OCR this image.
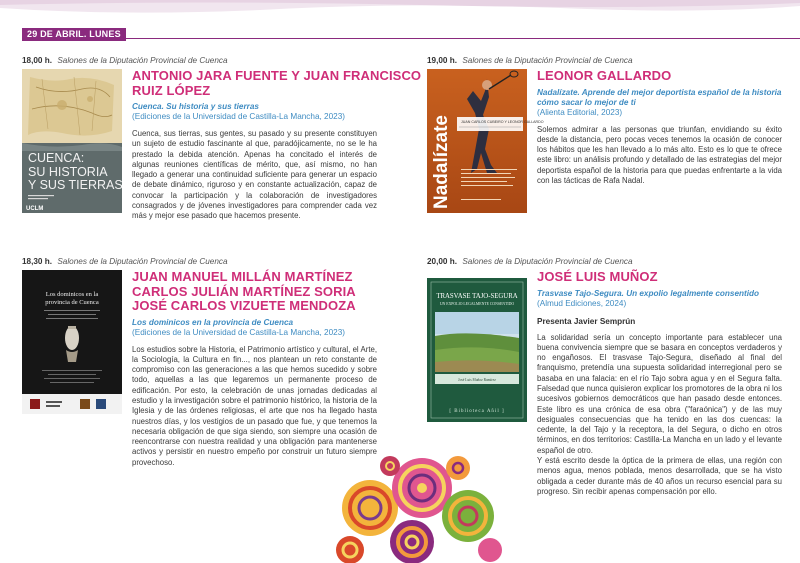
29 DE ABRIL. LUNES
18,00 h. Salones de la Diputación Provincial de Cuenca
CUENCA:
SU HISTORIA
Y SUS TIERRAS
UCLM
ANTONIO JARA FUENTE Y JUAN FRANCISCO
RUIZ LÓPEZ
Cuenca. Su historia y sus tierras
(Ediciones de la Universidad de Castilla-La Mancha, 2023)
Cuenca, sus tierras, sus gentes, su pasado y su presente constituyen un sujeto de estudio fascinante al que, paradójicamente, no se le ha prestado la debida atención. Apenas ha concitado el interés de algunas reuniones científicas de mérito, que, así mismo, no han llegado a generar una continuidad suficiente para generar un espacio de debate dinámico, riguroso y en constante actualización, capaz de convocar la participación y la colaboración de investigadores consagrados y de jóvenes investigadores para comprender cada vez más y mejor ese pasado que hacemos presente.
19,00 h. Salones de la Diputación Provincial de Cuenca
JUAN CARLOS CUBEIRO Y LEONOR GALLARDO
Nadalízate
LEONOR GALLARDO
Nadalízate. Aprende del mejor deportista español de la historia cómo sacar lo mejor de ti
(Alienta Editorial, 2023)
Solemos admirar a las personas que triunfan, envidiando su éxito desde la distancia, pero pocas veces tenemos la ocasión de conocer los hábitos que les han llevado a lo más alto. Esto es lo que te ofrece este libro: un análisis profundo y detallado de las estrategias del mejor deportista español de la historia para que puedas enfrentarte a la vida con las tácticas de Rafa Nadal.
18,30 h. Salones de la Diputación Provincial de Cuenca
Los dominicos en la
provincia de Cuenca
JUAN MANUEL MILLÁN MARTÍNEZ
CARLOS JULIÁN MARTÍNEZ SORIA
JOSÉ CARLOS VIZUETE MENDOZA
Los dominicos en la provincia de Cuenca
(Ediciones de la Universidad de Castilla-La Mancha, 2023)
Los estudios sobre la Historia, el Patrimonio artístico y cultural, el Arte, la Sociología, la Cultura en fin..., nos plantean un reto constante de compromiso con las generaciones a las que hemos sucedido y sobre todo, aquellas a las que legaremos un permanente proceso de edificación. Por esto, la celebración de unas jornadas dedicadas al estudio y la investigación sobre el patrimonio histórico, la historia de la Iglesia y de las órdenes religiosas, el arte que nos ha llegado hasta nuestros días, y los vestigios de un pasado que fue, y que tenemos la necesaria obligación de que siga siendo, son siempre una ocasión de reencontrarse con nuestra realidad y una obligación para mantenerse activos y persistir en nuestro empeño por construir un futuro siempre provechoso.
20,00 h. Salones de la Diputación Provincial de Cuenca
TRASVASE TAJO-SEGURA
UN EXPOLIO LEGALMENTE CONSENTIDO
José Luis Muñoz Ramírez
[ Biblioteca Añil ]
JOSÉ LUIS MUÑOZ
Trasvase Tajo-Segura. Un expolio legalmente consentido
(Almud Ediciones, 2024)
Presenta Javier Semprún

La solidaridad sería un concepto importante para establecer una buena convivencia siempre que se basara en conceptos verdaderos y no engañosos. El trasvase Tajo-Segura, diseñado al final del franquismo, pretendía una supuesta solidaridad interregional pero se basaba en una falacia: en el río Tajo sobra agua y en el Segura falta. Falsedad que nunca quisieron explicar los promotores de la obra ni los sucesivos gobiernos democráticos que han pasado desde entonces. Este libro es una crónica de esa obra ("faraónica") y de las muy desiguales consecuencias que ha tenido en las dos cuencas: la cedente, la del Tajo y la receptora, la del Segura, o dicho en otros términos, en dos territorios: Castilla-La Mancha en un lado y el levante español de otro.

Y está escrito desde la óptica de la primera de ellas, una región con menos agua, menos poblada, menos desarrollada, que se ha visto obligada a ceder durante más de 40 años un recurso esencial para su progreso. Sin recibir apenas compensación por ello.
